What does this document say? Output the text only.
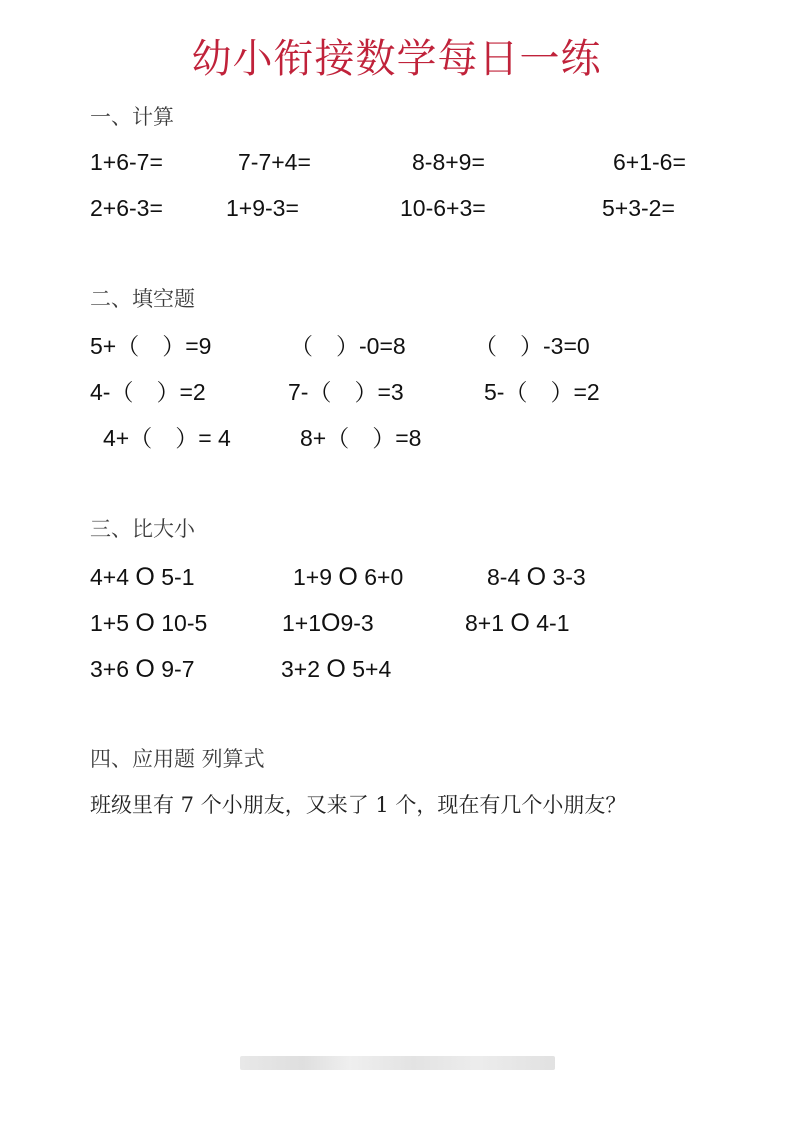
幼小衔接数学每日一练
一、计算
1+6-7=	7-7+4=	8-8+9=	6+1-6=
2+6-3=	1+9-3=	10-6+3=	5+3-2=
二、填空题
5+（　）=9	（　）-0=8	（　）-3=0
4-（　）=2	7-（　）=3	5-（　）=2
4+（　）= 4	8+（　）=8
三、比大小
4+4 O 5-1	1+9 O 6+0	8-4 O 3-3
1+5 O 10-5	1+1O9-3	8+1 O 4-1
3+6 O 9-7	3+2 O 5+4
四、应用题 列算式
班级里有 7 个小朋友，又来了 1 个，现在有几个小朋友？
